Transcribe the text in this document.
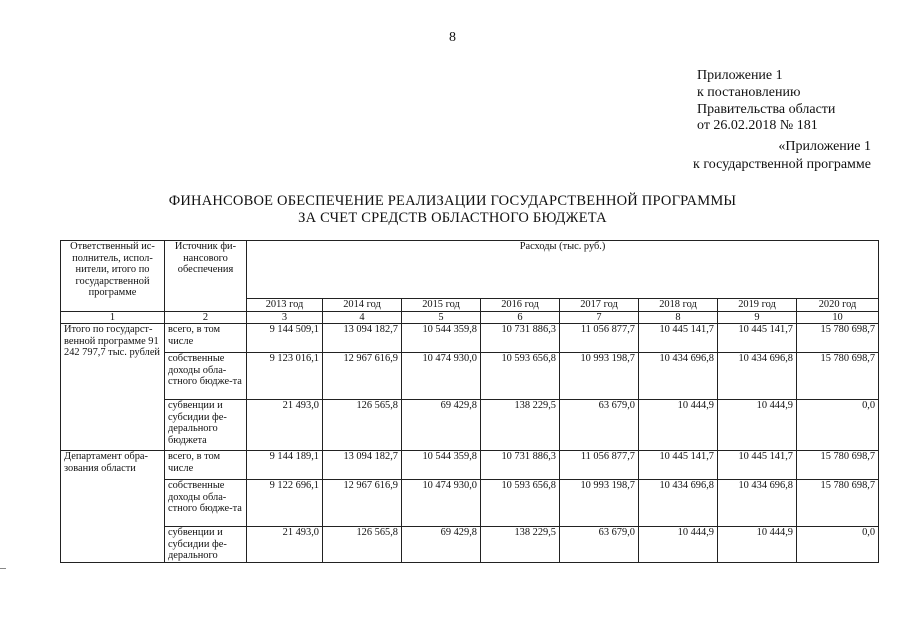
8
Приложение 1
к постановлению
Правительства области
от 26.02.2018 № 181
«Приложение 1
к государственной программе
ФИНАНСОВОЕ ОБЕСПЕЧЕНИЕ РЕАЛИЗАЦИИ ГОСУДАРСТВЕННОЙ ПРОГРАММЫ
ЗА СЧЕТ СРЕДСТВ ОБЛАСТНОГО БЮДЖЕТА
Ответственный ис-полнитель, испол-нители, итого по государственной программе	Источник фи-нансового обеспечения	Расходы (тыс. руб.)							
		2013 год	2014 год	2015 год	2016 год	2017 год	2018 год	2019 год	2020 год
1	2	3	4	5	6	7	8	9	10
Итого по государст-венной программе 91 242 797,7 тыс. рублей	всего, в том числе	9 144 509,1	13 094 182,7	10 544 359,8	10 731 886,3	11 056 877,7	10 445 141,7	10 445 141,7	15 780 698,7
	собственные доходы обла-стного бюдже-та	9 123 016,1	12 967 616,9	10 474 930,0	10 593 656,8	10 993 198,7	10 434 696,8	10 434 696,8	15 780 698,7
	субвенции и субсидии фе-дерального бюджета	21 493,0	126 565,8	69 429,8	138 229,5	63 679,0	10 444,9	10 444,9	0,0
Департамент обра-зования области	всего, в том числе	9 144 189,1	13 094 182,7	10 544 359,8	10 731 886,3	11 056 877,7	10 445 141,7	10 445 141,7	15 780 698,7
	собственные доходы обла-стного бюдже-та	9 122 696,1	12 967 616,9	10 474 930,0	10 593 656,8	10 993 198,7	10 434 696,8	10 434 696,8	15 780 698,7
	субвенции и субсидии фе-дерального	21 493,0	126 565,8	69 429,8	138 229,5	63 679,0	10 444,9	10 444,9	0,0
